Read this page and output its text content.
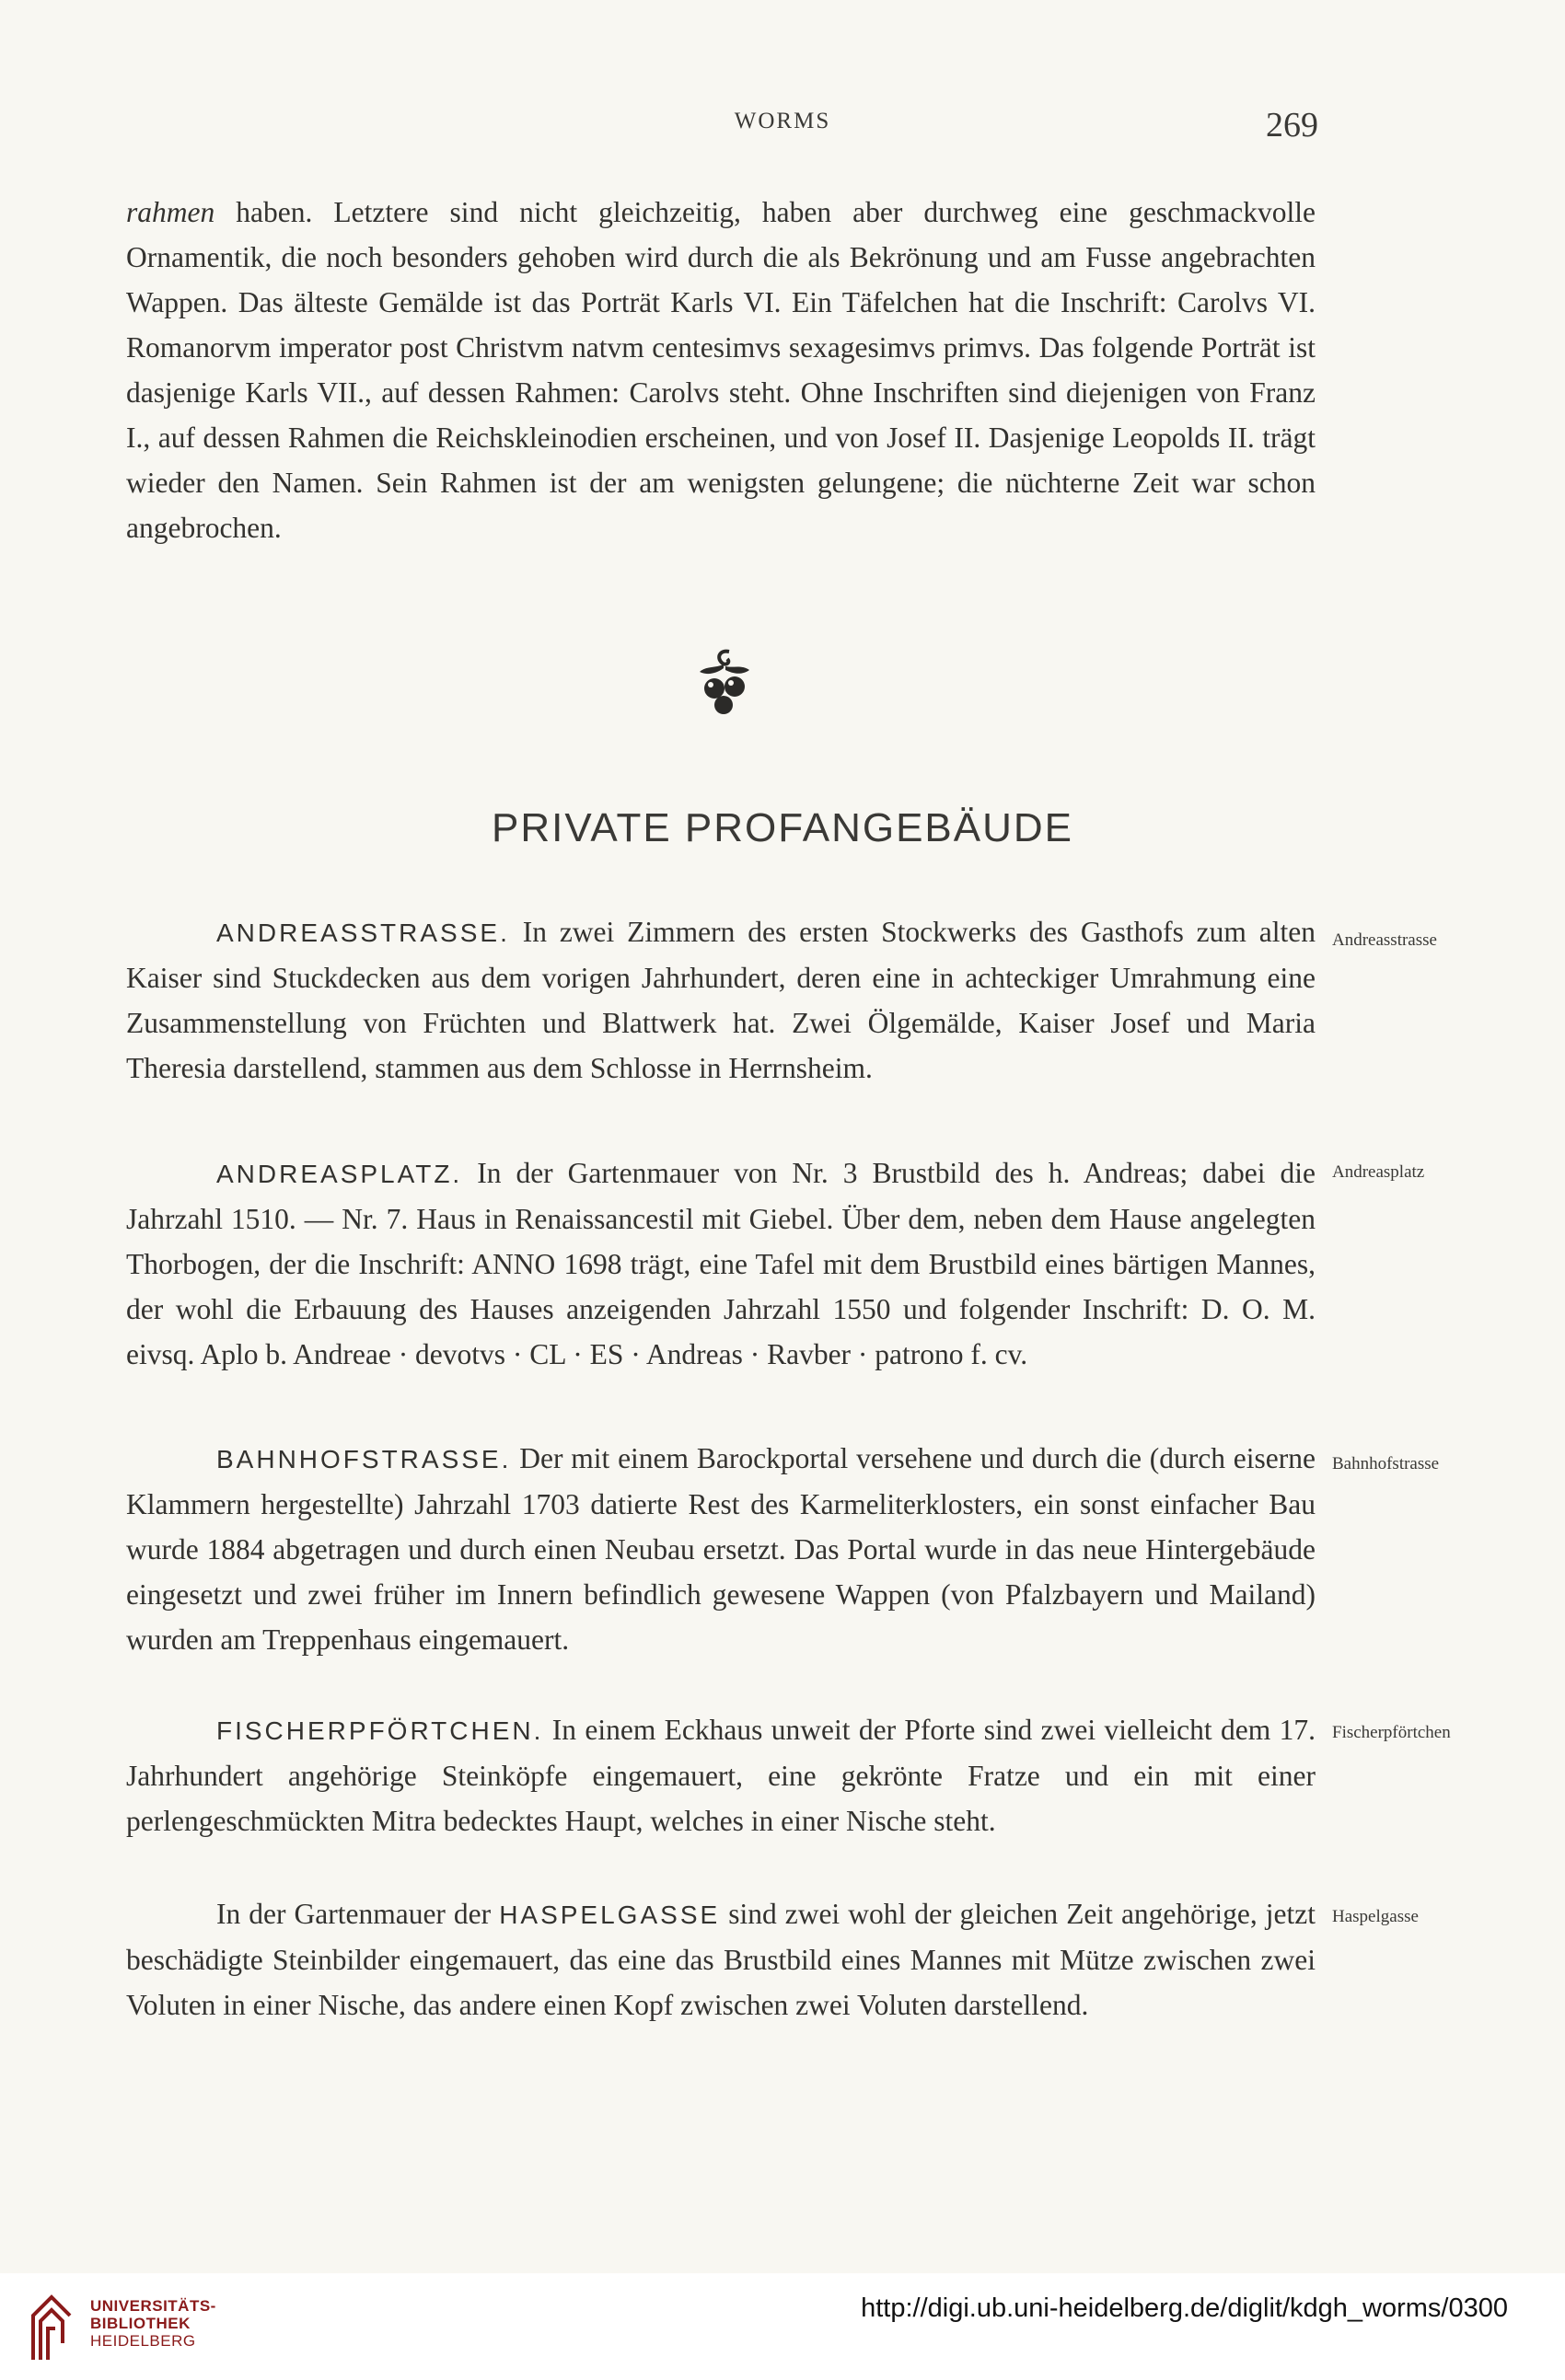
WORMS	269

rahmen haben. Letztere sind nicht gleichzeitig, haben aber durchweg eine geschmackvolle Ornamentik, die noch besonders gehoben wird durch die als Bekrönung und am Fusse angebrachten Wappen. Das älteste Gemälde ist das Porträt Karls VI. Ein Täfelchen hat die Inschrift: Carolvs VI. Romanorvm imperator post Christvm natvm centesimvs sexagesimvs primvs. Das folgende Porträt ist dasjenige Karls VII., auf dessen Rahmen: Carolvs steht. Ohne Inschriften sind diejenigen von Franz I., auf dessen Rahmen die Reichskleinodien erscheinen, und von Josef II. Dasjenige Leopolds II. trägt wieder den Namen. Sein Rahmen ist der am wenigsten gelungene; die nüchterne Zeit war schon angebrochen.

PRIVATE PROFANGEBÄUDE

ANDREASSTRASSE. In zwei Zimmern des ersten Stockwerks des Gasthofs zum alten Kaiser sind Stuckdecken aus dem vorigen Jahrhundert, deren eine in achteckiger Umrahmung eine Zusammenstellung von Früchten und Blattwerk hat. Zwei Ölgemälde, Kaiser Josef und Maria Theresia darstellend, stammen aus dem Schlosse in Herrnsheim.

Andreasstrasse

ANDREASPLATZ. In der Gartenmauer von Nr. 3 Brustbild des h. Andreas; dabei die Jahrzahl 1510. — Nr. 7. Haus in Renaissancestil mit Giebel. Über dem, neben dem Hause angelegten Thorbogen, der die Inschrift: ANNO 1698 trägt, eine Tafel mit dem Brustbild eines bärtigen Mannes, der wohl die Erbauung des Hauses anzeigenden Jahrzahl 1550 und folgender Inschrift: D. O. M. eivsq. Aplo b. Andreae · devotvs · CL · ES · Andreas · Ravber · patrono f. cv.

Andreasplatz

BAHNHOFSTRASSE. Der mit einem Barockportal versehene und durch die (durch eiserne Klammern hergestellte) Jahrzahl 1703 datierte Rest des Karmeliterklosters, ein sonst einfacher Bau wurde 1884 abgetragen und durch einen Neubau ersetzt. Das Portal wurde in das neue Hintergebäude eingesetzt und zwei früher im Innern befindlich gewesene Wappen (von Pfalzbayern und Mailand) wurden am Treppenhaus eingemauert.

Bahnhofstrasse

FISCHERPFÖRTCHEN. In einem Eckhaus unweit der Pforte sind zwei vielleicht dem 17. Jahrhundert angehörige Steinköpfe eingemauert, eine gekrönte Fratze und ein mit einer perlengeschmückten Mitra bedecktes Haupt, welches in einer Nische steht.

Fischerpförtchen

In der Gartenmauer der HASPELGASSE sind zwei wohl der gleichen Zeit angehörige, jetzt beschädigte Steinbilder eingemauert, das eine das Brustbild eines Mannes mit Mütze zwischen zwei Voluten in einer Nische, das andere einen Kopf zwischen zwei Voluten darstellend.

Haspelgasse
UNIVERSITÄTS-
BIBLIOTHEK
HEIDELBERG
http://digi.ub.uni-heidelberg.de/diglit/kdgh_worms/0300
